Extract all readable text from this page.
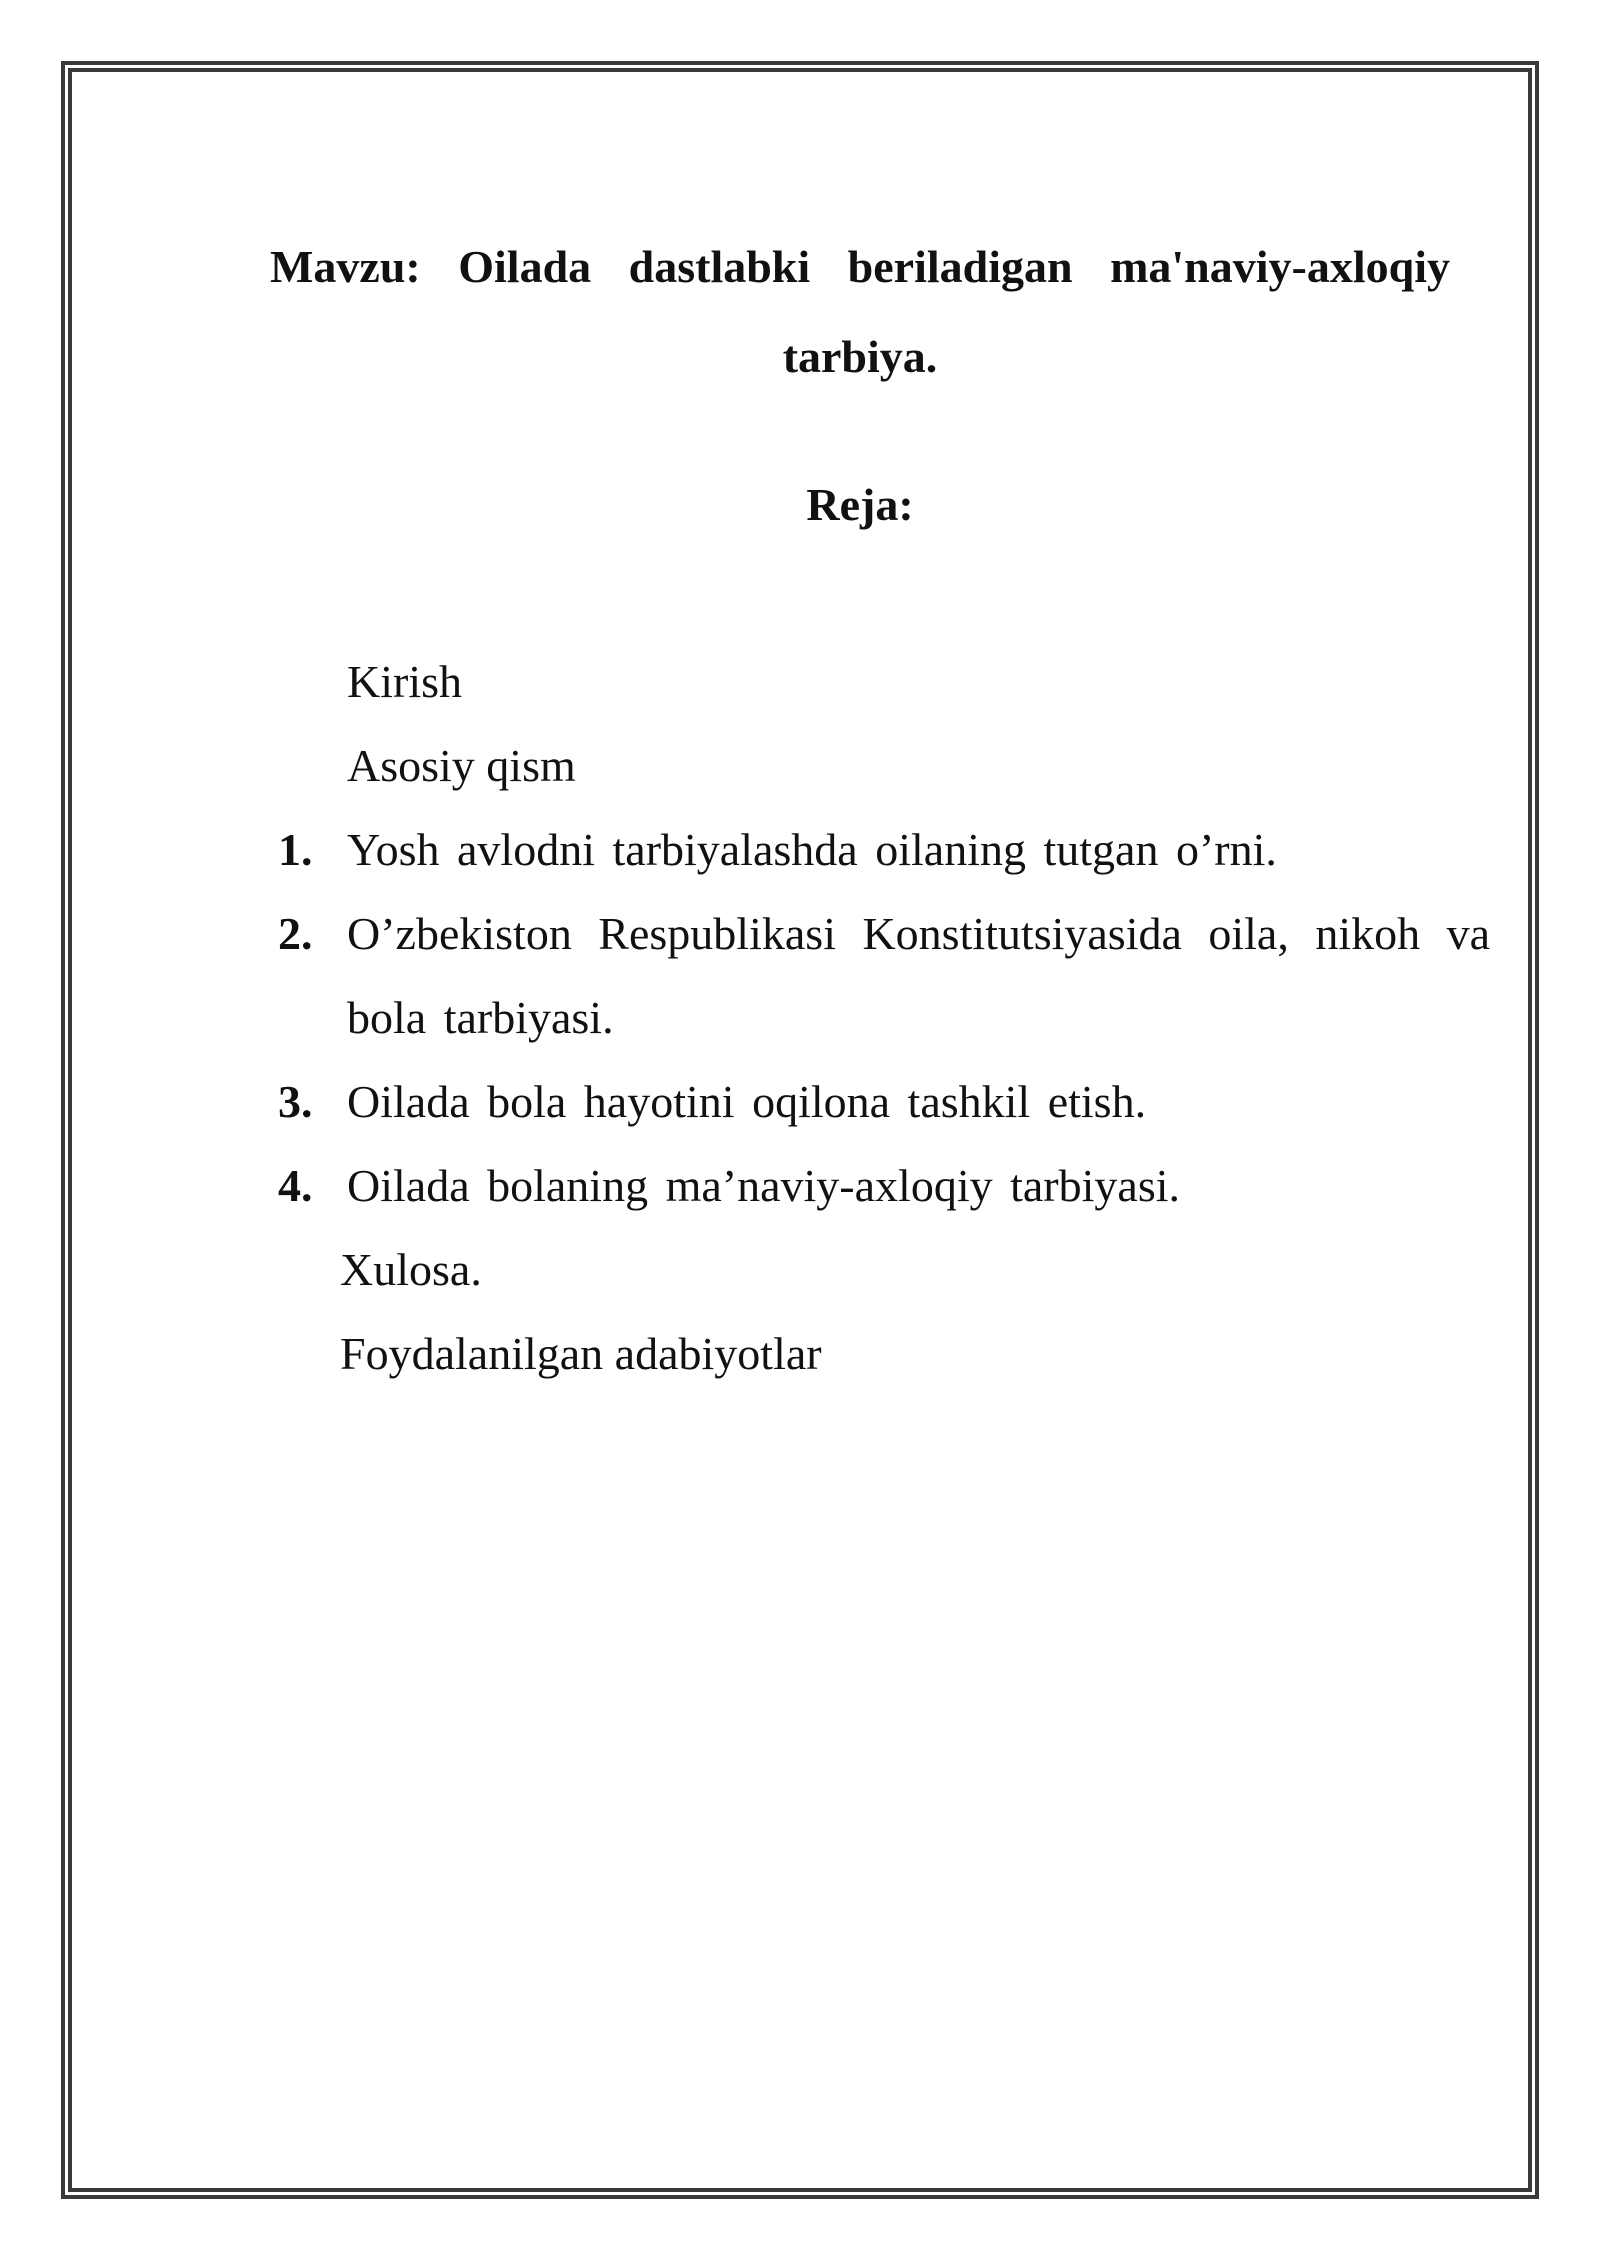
Mavzu: Oilada dastlabki beriladigan ma'naviy-axloqiy tarbiya.

Reja:

Kirish
Asosiy qism
1. Yosh avlodni tarbiyalashda oilaning tutgan o’rni.
2. O’zbekiston Respublikasi Konstitutsiyasida oila, nikoh va bola tarbiyasi.
3. Oilada bola hayotini oqilona tashkil etish.
4. Oilada bolaning ma’naviy-axloqiy tarbiyasi.
Xulosa.
Foydalanilgan adabiyotlar
